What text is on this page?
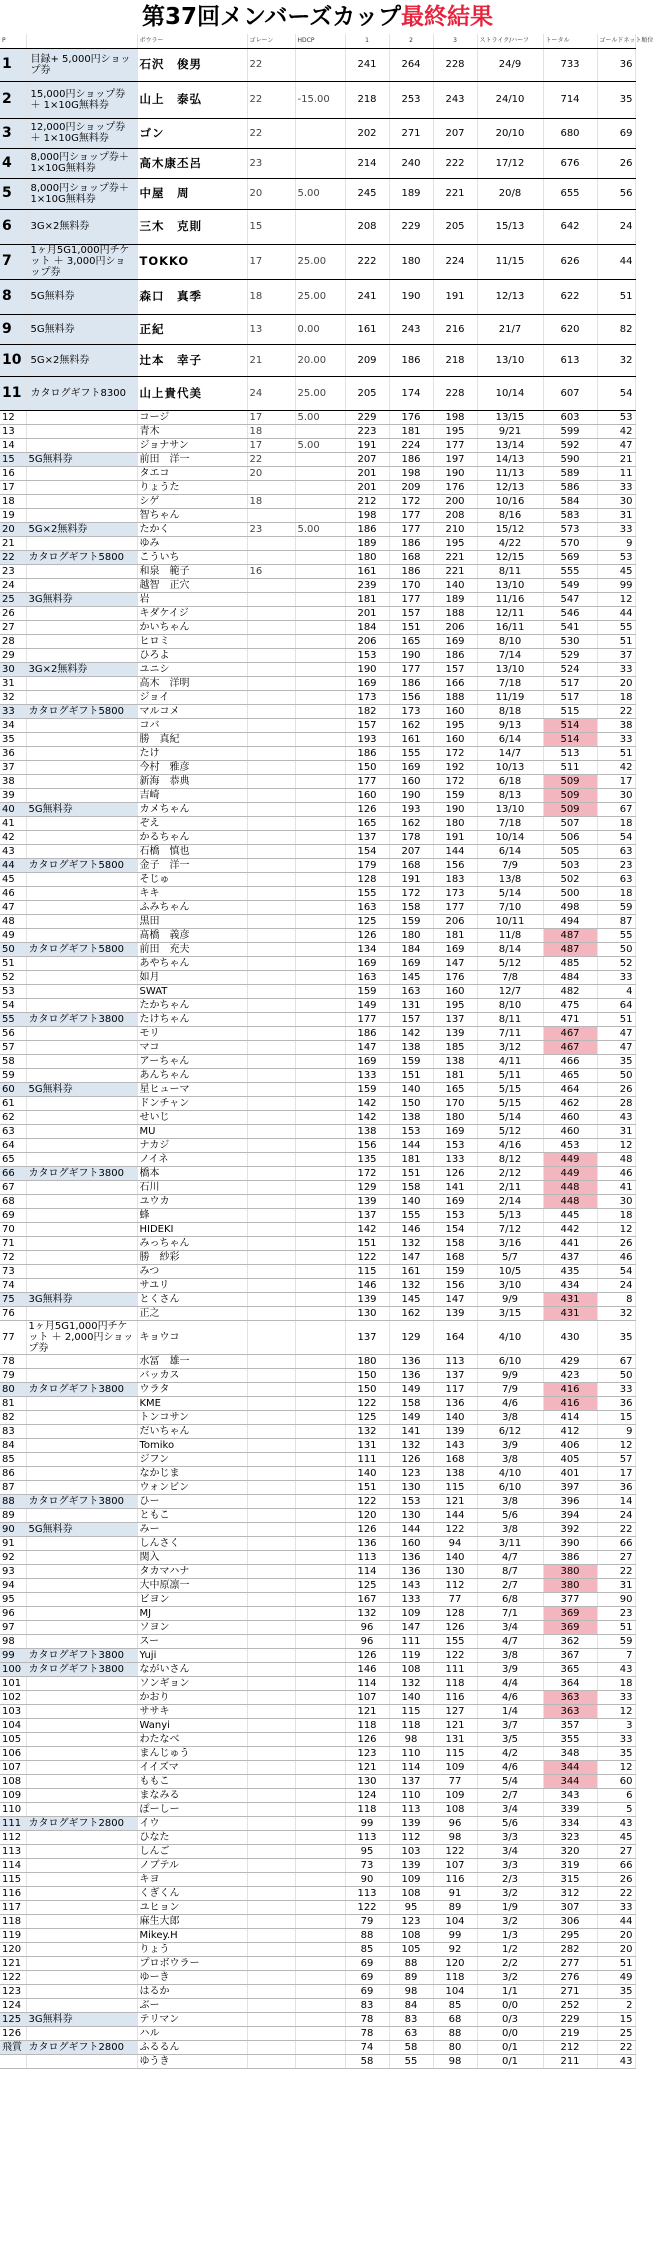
第37回メンバーズカップ最終結果
P		ボウラー	ゴレーン	HDCP	1	2	3	ストライク/ハーフ	トータル	ゴールドネット順位
1	目録+ 5,000円ショップ券	石沢　俊男	22		241	264	228	24/9	733	36
2	15,000円ショップ券＋ 1×10G無料券	山上　泰弘	22	-15.00	218	253	243	24/10	714	35
3	12,000円ショップ券＋ 1×10G無料券	ゴン	22		202	271	207	20/10	680	69
4	8,000円ショップ券＋ 1×10G無料券	高木康丕呂	23		214	240	222	17/12	676	26
5	8,000円ショップ券＋ 1×10G無料券	中屋　周	20	5.00	245	189	221	20/8	655	56
6	3G×2無料券	三木　克則	15		208	229	205	15/13	642	24
7	1ヶ月5G1,000円チケット ＋ 3,000円ショップ券	TOKKO	17	25.00	222	180	224	11/15	626	44
8	5G無料券	森口　真季	18	25.00	241	190	191	12/13	622	51
9	5G無料券	正紀	13	0.00	161	243	216	21/7	620	82
10	5G×2無料券	辻本　幸子	21	20.00	209	186	218	13/10	613	32
11	カタログギフト8300	山上貴代美	24	25.00	205	174	228	10/14	607	54
12		コージ	17	5.00	229	176	198	13/15	603	53
13		青木	18		223	181	195	9/21	599	42
14		ジョナサン	17	5.00	191	224	177	13/14	592	47
15	5G無料券	前田　洋一	22		207	186	197	14/13	590	21
16		タエコ	20		201	198	190	11/13	589	11
17		りょうた			201	209	176	12/13	586	33
18		シゲ	18		212	172	200	10/16	584	30
19		智ちゃん			198	177	208	8/16	583	31
20	5G×2無料券	たかく	23	5.00	186	177	210	15/12	573	33
21		ゆみ			189	186	195	4/22	570	9
22	カタログギフト5800	こういち			180	168	221	12/15	569	53
23		和泉　範子	16		161	186	221	8/11	555	45
24		越智　正穴			239	170	140	13/10	549	99
25	3G無料券	岩			181	177	189	11/16	547	12
26		キダケイジ			201	157	188	12/11	546	44
27		かいちゃん			184	151	206	16/11	541	55
28		ヒロミ			206	165	169	8/10	530	51
29		ひろよ			153	190	186	7/14	529	37
30	3G×2無料券	ユニシ			190	177	157	13/10	524	33
31		高木　洋明			169	186	166	7/18	517	20
32		ジョイ			173	156	188	11/19	517	18
33	カタログギフト5800	マルコメ			182	173	160	8/18	515	22
34		コバ			157	162	195	9/13	514	38
35		勝　真紀			193	161	160	6/14	514	33
36		たけ			186	155	172	14/7	513	51
37		今村　雅彦			150	169	192	10/13	511	42
38		新海　恭典			177	160	172	6/18	509	17
39		吉崎			160	190	159	8/13	509	30
40	5G無料券	カメちゃん			126	193	190	13/10	509	67
41		ぞえ			165	162	180	7/18	507	18
42		かるちゃん			137	178	191	10/14	506	54
43		石橋　慎也			154	207	144	6/14	505	63
44	カタログギフト5800	金子　洋一			179	168	156	7/9	503	23
45		そじゅ			128	191	183	13/8	502	63
46		キキ			155	172	173	5/14	500	18
47		ふみちゃん			163	158	177	7/10	498	59
48		黒田			125	159	206	10/11	494	87
49		髙橋　義彦			126	180	181	11/8	487	55
50	カタログギフト5800	前田　充夫			134	184	169	8/14	487	50
51		あやちゃん			169	169	147	5/12	485	52
52		如月			163	145	176	7/8	484	33
53		SWAT			159	163	160	12/7	482	4
54		たかちゃん			149	131	195	8/10	475	64
55	カタログギフト3800	たけちゃん			177	157	137	8/11	471	51
56		モリ			186	142	139	7/11	467	47
57		マコ			147	138	185	3/12	467	47
58		アーちゃん			169	159	138	4/11	466	35
59		あんちゃん			133	151	181	5/11	465	50
60	5G無料券	星ヒューマ			159	140	165	5/15	464	26
61		ドンチャン			142	150	170	5/15	462	28
62		せいじ			142	138	180	5/14	460	43
63		MU			138	153	169	5/12	460	31
64		ナカジ			156	144	153	4/16	453	12
65		ノイネ			135	181	133	8/12	449	48
66	カタログギフト3800	橋本			172	151	126	2/12	449	46
67		石川			129	158	141	2/11	448	41
68		ユウカ			139	140	169	2/14	448	30
69		蜂			137	155	153	5/13	445	18
70		HIDEKI			142	146	154	7/12	442	12
71		みっちゃん			151	132	158	3/16	441	26
72		勝　紗彩			122	147	168	5/7	437	46
73		みつ			115	161	159	10/5	435	54
74		サユリ			146	132	156	3/10	434	24
75	3G無料券	とくさん			139	145	147	9/9	431	8
76		正之			130	162	139	3/15	431	32
77	1ヶ月5G1,000円チケット ＋ 2,000円ショップ券	キョウコ			137	129	164	4/10	430	35
78		水冨　雄一			180	136	113	6/10	429	67
79		バッカス			150	136	137	9/9	423	50
80	カタログギフト3800	ウラタ			150	149	117	7/9	416	33
81		KME			122	158	136	4/6	416	36
82		トンコサン			125	149	140	3/8	414	15
83		だいちゃん			132	141	139	6/12	412	9
84		Tomiko			131	132	143	3/9	406	12
85		ジフン			111	126	168	3/8	405	57
86		なかじま			140	123	138	4/10	401	17
87		ウォンビン			151	130	115	6/10	397	36
88	カタログギフト3800	ひー			122	153	121	3/8	396	14
89		ともこ			120	130	144	5/6	394	24
90	5G無料券	みー			126	144	122	3/8	392	22
91		しんさく			136	160	94	3/11	390	66
92		関入			113	136	140	4/7	386	27
93		タカマハナ			114	136	130	8/7	380	22
94		大中原凛一			125	143	112	2/7	380	31
95		ビヨン			167	133	77	6/8	377	90
96		MJ			132	109	128	7/1	369	23
97		ソヨン			96	147	126	3/4	369	51
98		スー			96	111	155	4/7	362	59
99	カタログギフト3800	Yuji			126	119	122	3/8	367	7
100	カタログギフト3800	ながいさん			146	108	111	3/9	365	43
101		ソンギョン			114	132	118	4/4	364	18
102		かおり			107	140	116	4/6	363	33
103		ササキ			121	115	127	1/4	363	12
104		Wanyi			118	118	121	3/7	357	3
105		わたなべ			126	98	131	3/5	355	33
106		まんじゅう			123	110	115	4/2	348	35
107		イイズマ			121	114	109	4/6	344	12
108		ももこ			130	137	77	5/4	344	60
109		まなみる			124	110	109	2/7	343	6
110		ぽーしー			118	113	108	3/4	339	5
111	カタログギフト2800	イウ			99	139	96	5/6	334	43
112		ひなた			113	112	98	3/3	323	45
113		しんご			95	103	122	3/4	320	27
114		ノブテル			73	139	107	3/3	319	66
115		キヨ			90	109	116	2/3	315	26
116		くぎくん			113	108	91	3/2	312	22
117		ユヒョン			122	95	89	1/9	307	33
118		麻生大郎			79	123	104	3/2	306	44
119		Mikey.H			88	108	99	1/3	295	20
120		りょう			85	105	92	1/2	282	20
121		プロボウラー			69	88	120	2/2	277	51
122		ゆーき			69	89	118	3/2	276	49
123		はるか			69	98	104	1/1	271	35
124		ぶー			83	84	85	0/0	252	2
125	3G無料券	テリマン			78	83	68	0/3	229	15
126		ハル			78	63	88	0/0	219	25
飛賞	カタログギフト2800	ふるるん			74	58	80	0/1	212	22
		ゆうき			58	55	98	0/1	211	43
